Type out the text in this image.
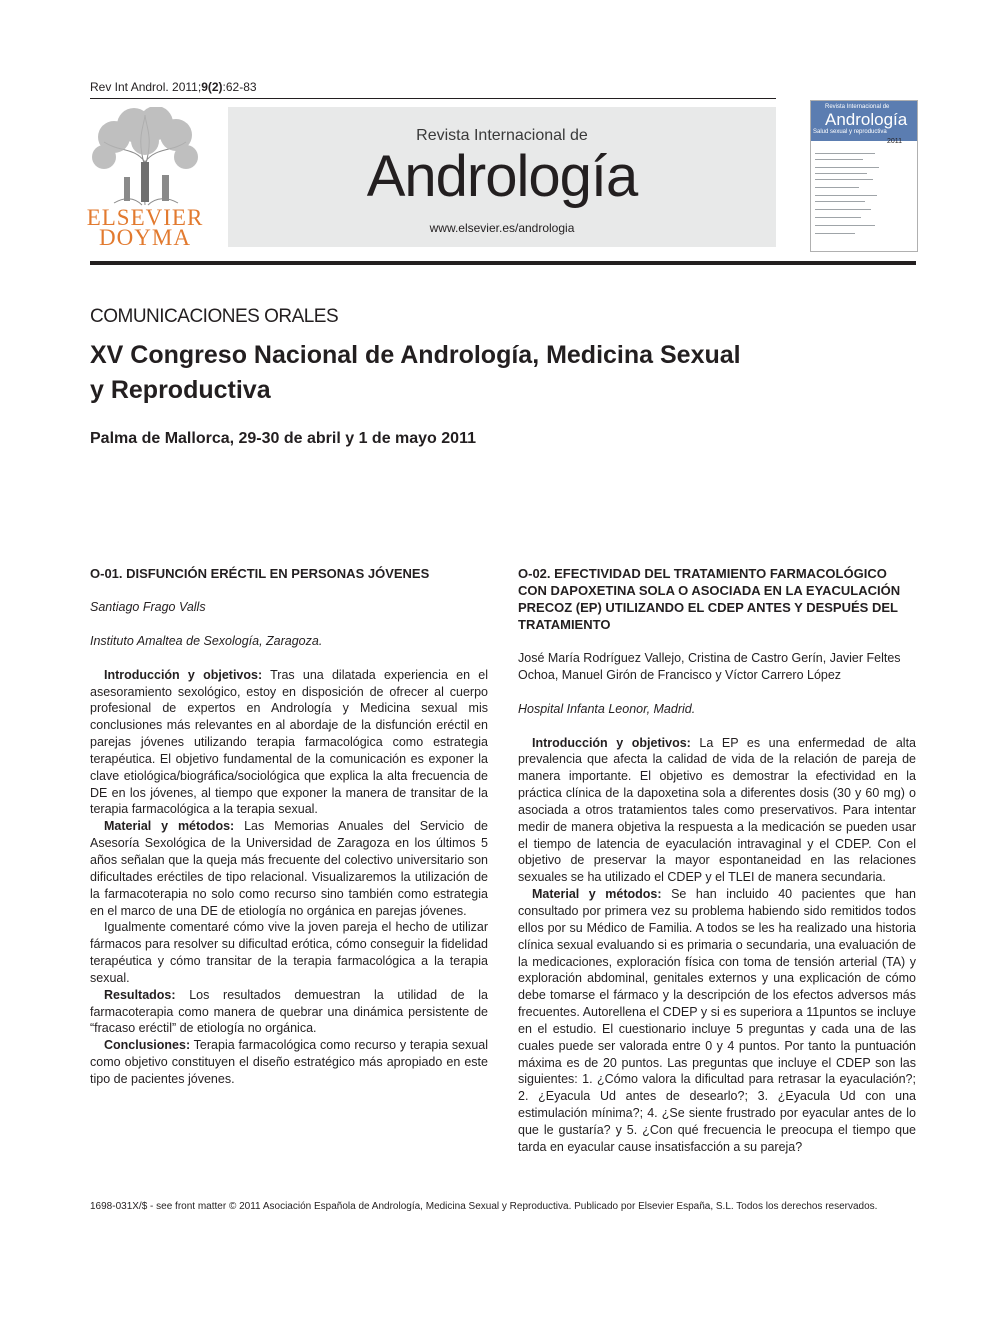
Rev Int Androl. 2011;9(2):62-83
ELSEVIER
DOYMA
Revista Internacional de
Andrología
www.elsevier.es/andrologia
Revista Internacional de
Andrología
Salud sexual y reproductiva
2011
COMUNICACIONES ORALES
XV Congreso Nacional de Andrología, Medicina Sexual
y Reproductiva
Palma de Mallorca, 29-30 de abril y 1 de mayo 2011

O-01. DISFUNCIÓN ERÉCTIL EN PERSONAS JÓVENES

Santiago Frago Valls

Instituto Amaltea de Sexología, Zaragoza.

Introducción y objetivos: Tras una dilatada experiencia en el asesoramiento sexológico, estoy en disposición de ofrecer al cuerpo profesional de expertos en Andrología y Medicina sexual mis conclusiones más relevantes en al abordaje de la disfunción eréctil en parejas jóvenes utilizando terapia farmacológica como estrategia terapéutica. El objetivo fundamental de la comunicación es exponer la clave etiológica/biográfica/sociológica que explica la alta frecuencia de DE en los jóvenes, al tiempo que exponer la manera de transitar de la terapia farmacológica a la terapia sexual.

Material y métodos: Las Memorias Anuales del Servicio de Asesoría Sexológica de la Universidad de Zaragoza en los últimos 5 años señalan que la queja más frecuente del colectivo universitario son dificultades eréctiles de tipo relacional. Visualizaremos la utilización de la farmacoterapia no solo como recurso sino también como estrategia en el marco de una DE de etiología no orgánica en parejas jóvenes.

Igualmente comentaré cómo vive la joven pareja el hecho de utilizar fármacos para resolver su dificultad erótica, cómo conseguir la fidelidad terapéutica y cómo transitar de la terapia farmacológica a la terapia sexual.

Resultados: Los resultados demuestran la utilidad de la farmacoterapia como manera de quebrar una dinámica persistente de “fracaso eréctil” de etiología no orgánica.

Conclusiones: Terapia farmacológica como recurso y terapia sexual como objetivo constituyen el diseño estratégico más apropiado en este tipo de pacientes jóvenes.

O-02. EFECTIVIDAD DEL TRATAMIENTO FARMACOLÓGICO CON DAPOXETINA SOLA O ASOCIADA EN LA EYACULACIÓN PRECOZ (EP) UTILIZANDO EL CDEP ANTES Y DESPUÉS DEL TRATAMIENTO

José María Rodríguez Vallejo, Cristina de Castro Gerín, Javier Feltes Ochoa, Manuel Girón de Francisco y Víctor Carrero López

Hospital Infanta Leonor, Madrid.

Introducción y objetivos: La EP es una enfermedad de alta prevalencia que afecta la calidad de vida de la relación de pareja de manera importante. El objetivo es demostrar la efectividad en la práctica clínica de la dapoxetina sola a diferentes dosis (30 y 60 mg) o asociada a otros tratamientos tales como preservativos. Para intentar medir de manera objetiva la respuesta a la medicación se pueden usar el tiempo de latencia de eyaculación intravaginal y el CDEP. Con el objetivo de preservar la mayor espontaneidad en las relaciones sexuales se ha utilizado el CDEP y el TLEI de manera secundaria.

Material y métodos: Se han incluido 40 pacientes que han consultado por primera vez su problema habiendo sido remitidos todos ellos por su Médico de Familia. A todos se les ha realizado una historia clínica sexual evaluando si es primaria o secundaria, una evaluación de la medicaciones, exploración física con toma de tensión arterial (TA) y exploración abdominal, genitales externos y una explicación de cómo debe tomarse el fármaco y la descripción de los efectos adversos más frecuentes. Autorellena el CDEP y si es superiora a 11puntos se incluye en el estudio. El cuestionario incluye 5 preguntas y cada una de las cuales puede ser valorada entre 0 y 4 puntos. Por tanto la puntuación máxima es de 20 puntos. Las preguntas que incluye el CDEP son las siguientes: 1. ¿Cómo valora la dificultad para retrasar la eyaculación?; 2. ¿Eyacula Ud antes de desearlo?; 3. ¿Eyacula Ud con una estimulación mínima?; 4. ¿Se siente frustrado por eyacular antes de lo que le gustaría? y 5. ¿Con qué frecuencia le preocupa el tiempo que tarda en eyacular cause insatisfacción a su pareja?

1698-031X/$ - see front matter © 2011 Asociación Española de Andrología, Medicina Sexual y Reproductiva. Publicado por Elsevier España, S.L. Todos los derechos reservados.
